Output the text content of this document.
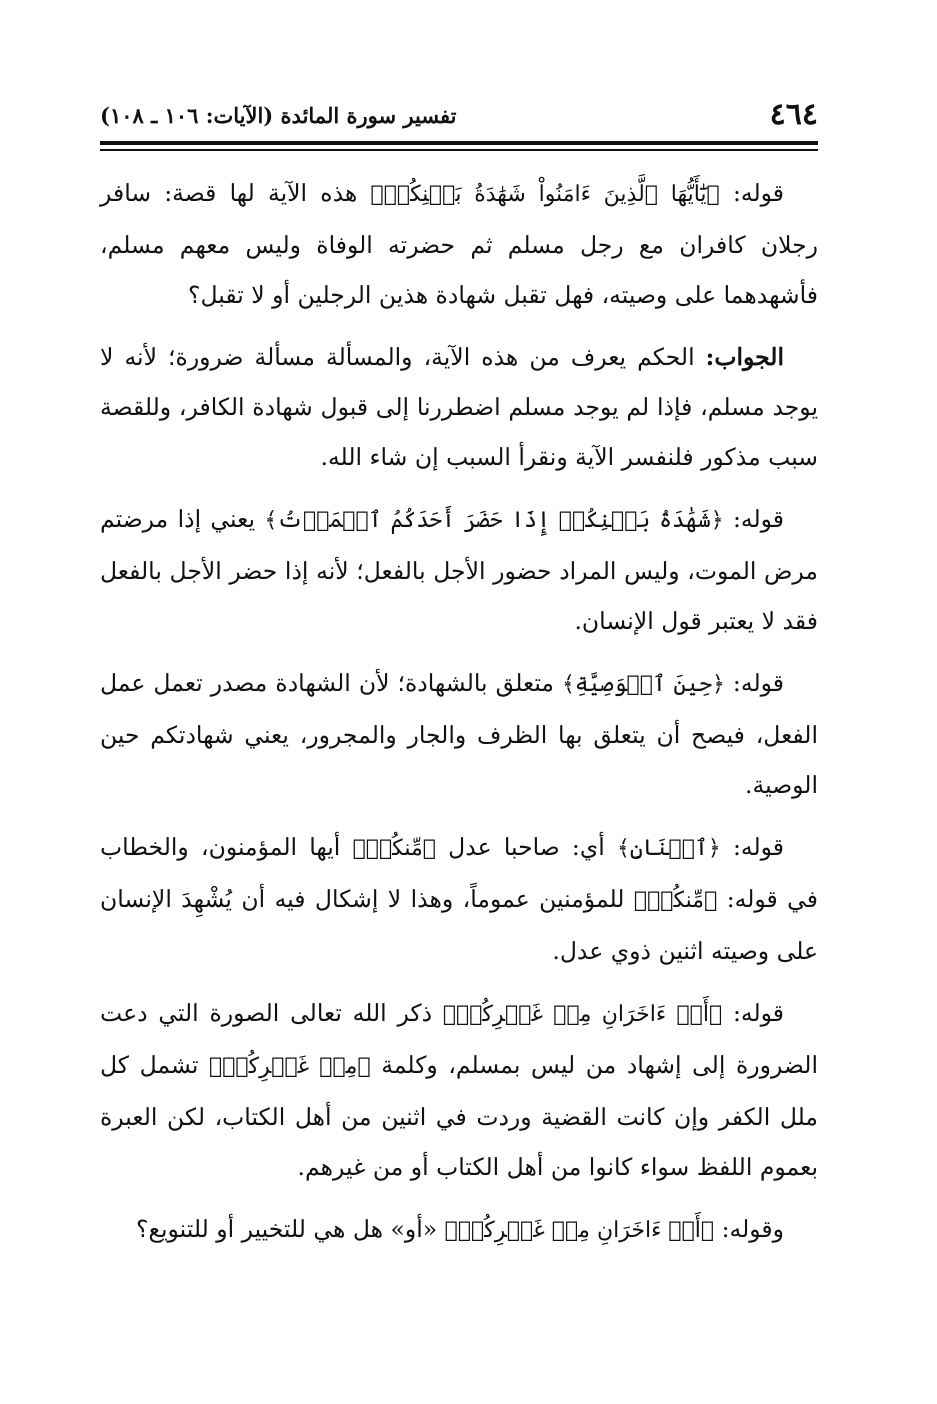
٤٦٤
تفسير سورة المائدة (الآيات: ١٠٦ ـ ١٠٨)

قوله: ﴿يَٰٓأَيُّهَا ٱلَّذِينَ ءَامَنُواْ شَهَٰدَةُ بَيۡنِكُمۡ﴾ هذه الآية لها قصة: سافر رجلان كافران مع رجل مسلم ثم حضرته الوفاة وليس معهم مسلم، فأشهدهما على وصيته، فهل تقبل شهادة هذين الرجلين أو لا تقبل؟

الجواب: الحكم يعرف من هذه الآية، والمسألة مسألة ضرورة؛ لأنه لا يوجد مسلم، فإذا لم يوجد مسلم اضطررنا إلى قبول شهادة الكافر، وللقصة سبب مذكور فلنفسر الآية ونقرأ السبب إن شاء الله.

قوله: ﴿شَهَٰدَةُ بَيۡنِكُمۡ إِذَا حَضَرَ أَحَدَكُمُ ٱلۡمَوۡتُ﴾ يعني إذا مرضتم مرض الموت، وليس المراد حضور الأجل بالفعل؛ لأنه إذا حضر الأجل بالفعل فقد لا يعتبر قول الإنسان.

قوله: ﴿حِينَ ٱلۡوَصِيَّةِ﴾ متعلق بالشهادة؛ لأن الشهادة مصدر تعمل عمل الفعل، فيصح أن يتعلق بها الظرف والجار والمجرور، يعني شهادتكم حين الوصية.

قوله: ﴿ٱثۡنَانِ﴾ أي: صاحبا عدل ﴿مِّنكُمۡ﴾ أيها المؤمنون، والخطاب في قوله: ﴿مِّنكُمۡ﴾ للمؤمنين عموماً، وهذا لا إشكال فيه أن يُشْهِدَ الإنسان على وصيته اثنين ذوي عدل.

قوله: ﴿أَوۡ ءَاخَرَانِ مِنۡ غَيۡرِكُمۡ﴾ ذكر الله تعالى الصورة التي دعت الضرورة إلى إشهاد من ليس بمسلم، وكلمة ﴿مِنۡ غَيۡرِكُمۡ﴾ تشمل كل ملل الكفر وإن كانت القضية وردت في اثنين من أهل الكتاب، لكن العبرة بعموم اللفظ سواء كانوا من أهل الكتاب أو من غيرهم.

وقوله: ﴿أَوۡ ءَاخَرَانِ مِنۡ غَيۡرِكُمۡ﴾ «أو» هل هي للتخيير أو للتنويع؟
